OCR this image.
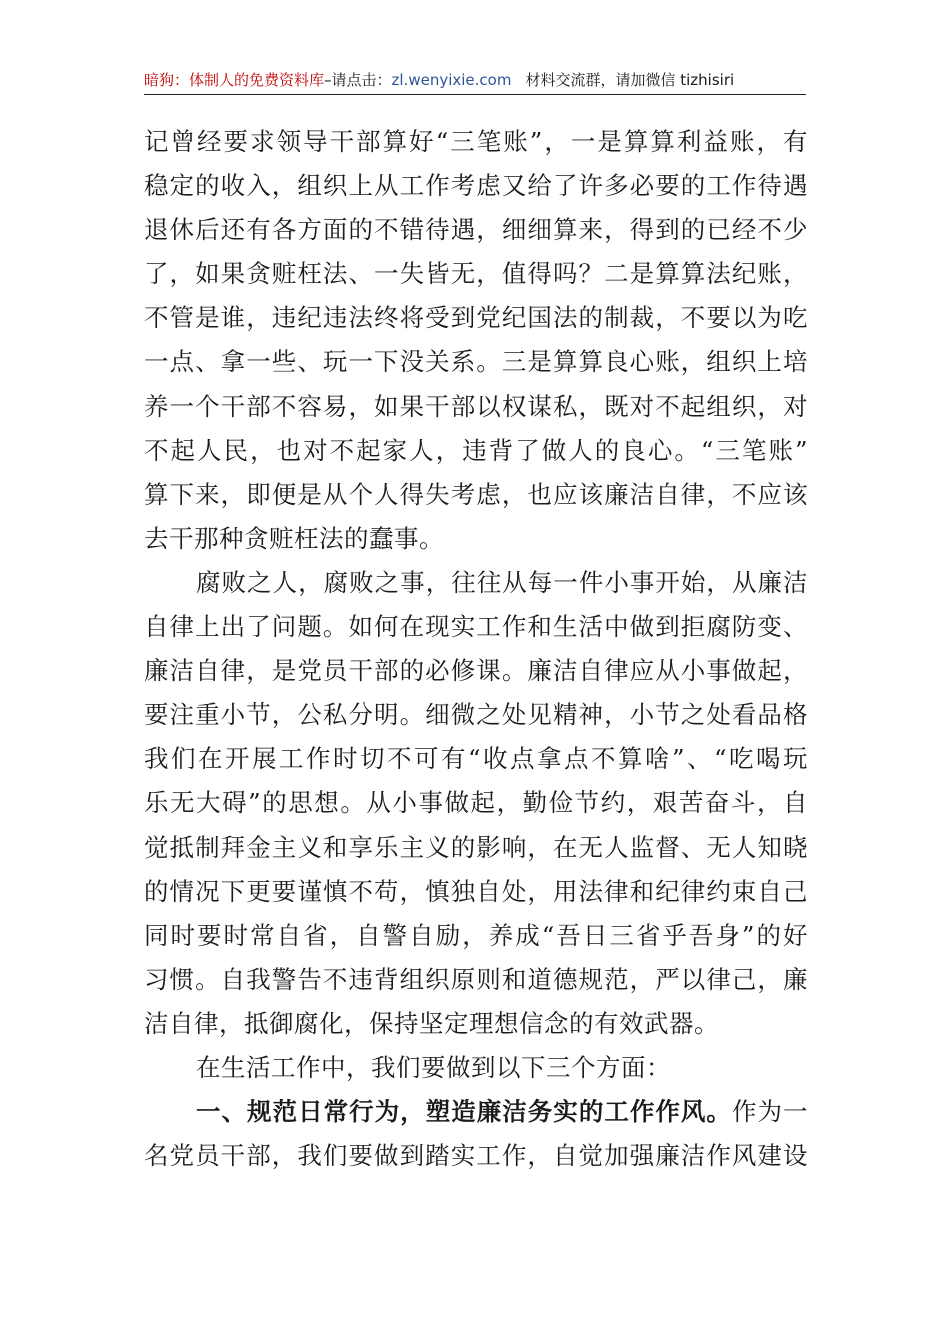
暗狗：体制人的免费资料库–请点击：zl.wenyixie.com 材料交流群，请加微信 tizhisiri
记曾经要求领导干部算好“三笔账”，一是算算利益账，有
稳定的收入，组织上从工作考虑又给了许多必要的工作待遇
退休后还有各方面的不错待遇，细细算来，得到的已经不少
了，如果贪赃枉法、一失皆无，值得吗？二是算算法纪账，
不管是谁，违纪违法终将受到党纪国法的制裁，不要以为吃
一点、拿一些、玩一下没关系。三是算算良心账，组织上培
养一个干部不容易，如果干部以权谋私，既对不起组织，对
不起人民，也对不起家人，违背了做人的良心。“三笔账”
算下来，即便是从个人得失考虑，也应该廉洁自律，不应该
去干那种贪赃枉法的蠢事。
腐败之人，腐败之事，往往从每一件小事开始，从廉洁
自律上出了问题。如何在现实工作和生活中做到拒腐防变、
廉洁自律，是党员干部的必修课。廉洁自律应从小事做起，
要注重小节，公私分明。细微之处见精神，小节之处看品格
我们在开展工作时切不可有“收点拿点不算啥”、“吃喝玩
乐无大碍”的思想。从小事做起，勤俭节约，艰苦奋斗，自
觉抵制拜金主义和享乐主义的影响，在无人监督、无人知晓
的情况下更要谨慎不苟，慎独自处，用法律和纪律约束自己
同时要时常自省，自警自励，养成“吾日三省乎吾身”的好
习惯。自我警告不违背组织原则和道德规范，严以律己，廉
洁自律，抵御腐化，保持坚定理想信念的有效武器。
在生活工作中，我们要做到以下三个方面：
一、规范日常行为，塑造廉洁务实的工作作风。作为一
名党员干部，我们要做到踏实工作，自觉加强廉洁作风建设
